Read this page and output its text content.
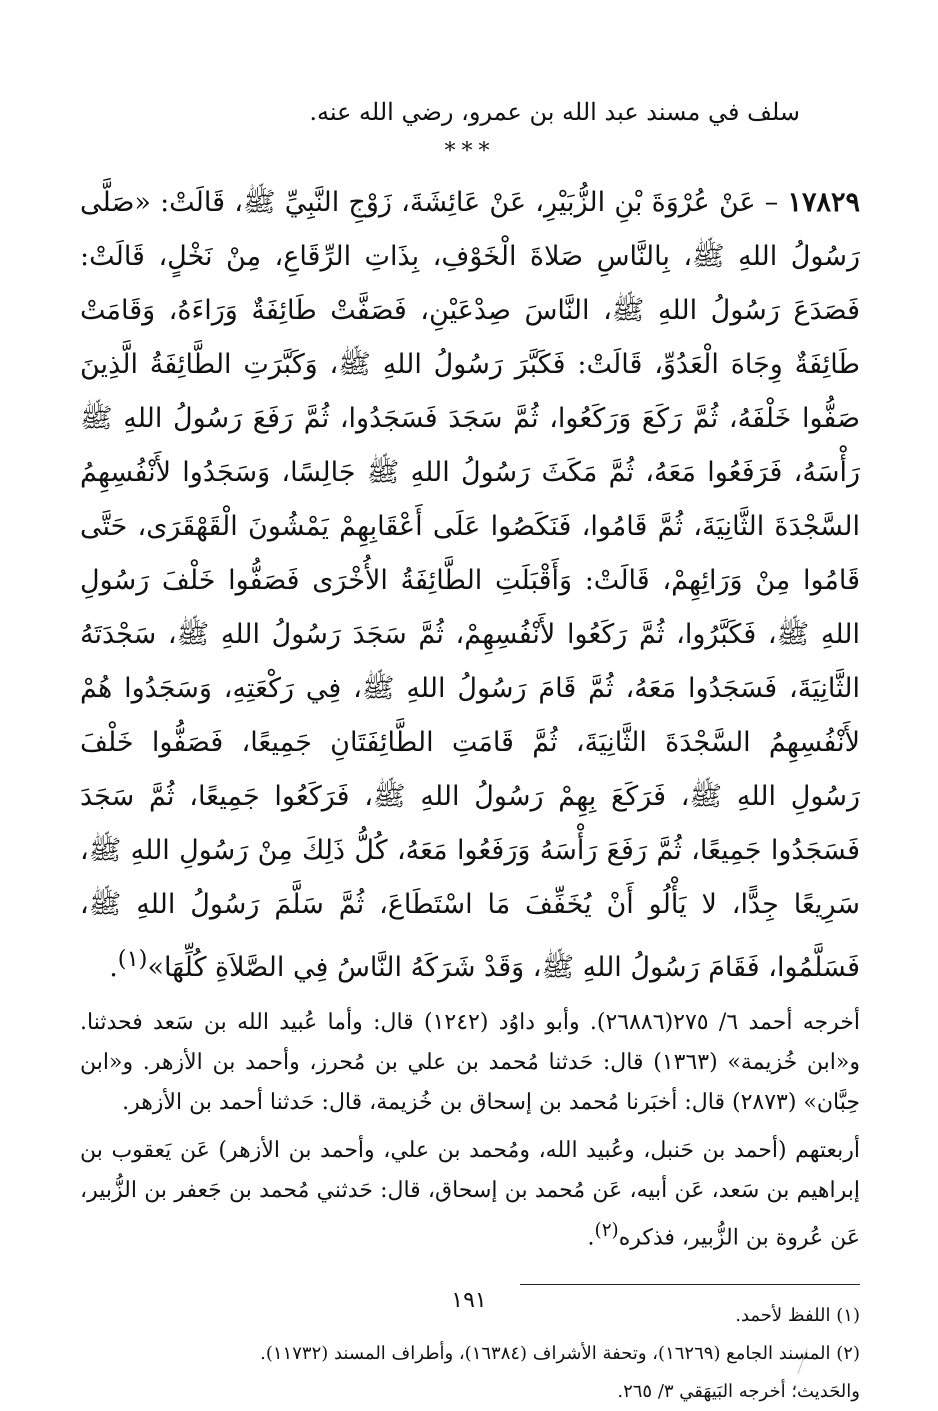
سلف في مسند عبد الله بن عمرو، رضي الله عنه.

***

١٧٨٢٩ – عَنْ عُرْوَةَ بْنِ الزُّبَيْرِ، عَنْ عَائِشَةَ، زَوْجِ النَّبِيِّ ﷺ، قَالَتْ: «صَلَّى رَسُولُ اللهِ ﷺ، بِالنَّاسِ صَلاةَ الْخَوْفِ، بِذَاتِ الرِّقَاعِ، مِنْ نَخْلٍ، قَالَتْ: فَصَدَعَ رَسُولُ اللهِ ﷺ، النَّاسَ صِدْعَيْنِ، فَصَفَّتْ طَائِفَةٌ وَرَاءَهُ، وَقَامَتْ طَائِفَةٌ وِجَاهَ الْعَدُوِّ، قَالَتْ: فَكَبَّرَ رَسُولُ اللهِ ﷺ، وَكَبَّرَتِ الطَّائِفَةُ الَّذِينَ صَفُّوا خَلْفَهُ، ثُمَّ رَكَعَ وَرَكَعُوا، ثُمَّ سَجَدَ فَسَجَدُوا، ثُمَّ رَفَعَ رَسُولُ اللهِ ﷺ رَأْسَهُ، فَرَفَعُوا مَعَهُ، ثُمَّ مَكَثَ رَسُولُ اللهِ ﷺ جَالِسًا، وَسَجَدُوا لأَنْفُسِهِمُ السَّجْدَةَ الثَّانِيَةَ، ثُمَّ قَامُوا، فَنَكَصُوا عَلَى أَعْقَابِهِمْ يَمْشُونَ الْقَهْقَرَى، حَتَّى قَامُوا مِنْ وَرَائِهِمْ، قَالَتْ: وَأَقْبَلَتِ الطَّائِفَةُ الأُخْرَى فَصَفُّوا خَلْفَ رَسُولِ اللهِ ﷺ، فَكَبَّرُوا، ثُمَّ رَكَعُوا لأَنْفُسِهِمْ، ثُمَّ سَجَدَ رَسُولُ اللهِ ﷺ، سَجْدَتَهُ الثَّانِيَةَ، فَسَجَدُوا مَعَهُ، ثُمَّ قَامَ رَسُولُ اللهِ ﷺ، فِي رَكْعَتِهِ، وَسَجَدُوا هُمْ لأَنْفُسِهِمُ السَّجْدَةَ الثَّانِيَةَ، ثُمَّ قَامَتِ الطَّائِفَتَانِ جَمِيعًا، فَصَفُّوا خَلْفَ رَسُولِ اللهِ ﷺ، فَرَكَعَ بِهِمْ رَسُولُ اللهِ ﷺ، فَرَكَعُوا جَمِيعًا، ثُمَّ سَجَدَ فَسَجَدُوا جَمِيعًا، ثُمَّ رَفَعَ رَأْسَهُ وَرَفَعُوا مَعَهُ، كُلُّ ذَلِكَ مِنْ رَسُولِ اللهِ ﷺ، سَرِيعًا جِدًّا، لا يَأْلُو أَنْ يُخَفِّفَ مَا اسْتَطَاعَ، ثُمَّ سَلَّمَ رَسُولُ اللهِ ﷺ، فَسَلَّمُوا، فَقَامَ رَسُولُ اللهِ ﷺ، وَقَدْ شَرَكَهُ النَّاسُ فِي الصَّلاَةِ كُلِّهَا»$^{(١)}$.

أخرجه أحمد ٦/ ٢٧٥(٢٦٨٨٦). وأبو داوُد (١٢٤٢) قال: وأما عُبيد الله بن سَعد فحدثنا. و«ابن خُزيمة» (١٣٦٣) قال: حَدثنا مُحمد بن علي بن مُحرز، وأحمد بن الأزهر. و«ابن حِبَّان» (٢٨٧٣) قال: أخبَرنا مُحمد بن إسحاق بن خُزيمة، قال: حَدثنا أحمد بن الأزهر.

أربعتهم (أحمد بن حَنبل، وعُبيد الله، ومُحمد بن علي، وأحمد بن الأزهر) عَن يَعقوب بن إبراهيم بن سَعد، عَن أبيه، عَن مُحمد بن إسحاق، قال: حَدثني مُحمد بن جَعفر بن الزُّبير، عَن عُروة بن الزُّبير، فذكره$^{(٢)}$.

(١) اللفظ لأحمد.

(٢) المسند الجامع (١٦٢٦٩)، وتحفة الأشراف (١٦٣٨٤)، وأطراف المسند (١١٧٣٢).

والحَديث؛ أخرجه البَيهَقي ٣/ ٢٦٥.

١٩١
